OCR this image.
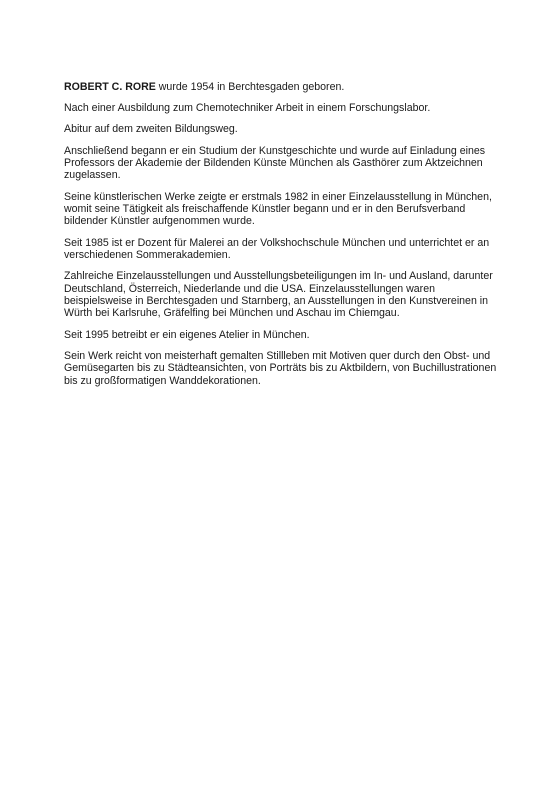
ROBERT C. RORE wurde 1954 in Berchtesgaden geboren.

Nach einer Ausbildung zum Chemotechniker Arbeit in einem Forschungslabor.

Abitur auf dem zweiten Bildungsweg.

Anschließend begann er ein Studium der Kunstgeschichte und wurde auf Einladung eines Professors der Akademie der Bildenden Künste München als Gasthörer zum Aktzeichnen zugelassen.

Seine künstlerischen Werke zeigte er erstmals 1982 in einer Einzelausstellung in München, womit seine Tätigkeit als freischaffende Künstler begann und er in den Berufsverband bildender Künstler aufgenommen wurde.

Seit 1985 ist er Dozent für Malerei an der Volkshochschule München und unterrichtet er an verschiedenen Sommerakademien.

Zahlreiche Einzelausstellungen und Ausstellungsbeteiligungen im In- und Ausland, darunter Deutschland, Österreich, Niederlande und die USA. Einzelausstellungen waren beispielsweise in Berchtesgaden und Starnberg, an Ausstellungen in den Kunstvereinen in Würth bei Karlsruhe, Gräfelfing bei München und Aschau im Chiemgau.

Seit 1995 betreibt er ein eigenes Atelier in München.

Sein Werk reicht von meisterhaft gemalten Stillleben mit Motiven quer durch den Obst- und Gemüsegarten bis zu Städteansichten, von Porträts bis zu Aktbildern, von Buchillustrationen bis zu großformatigen Wanddekorationen.
